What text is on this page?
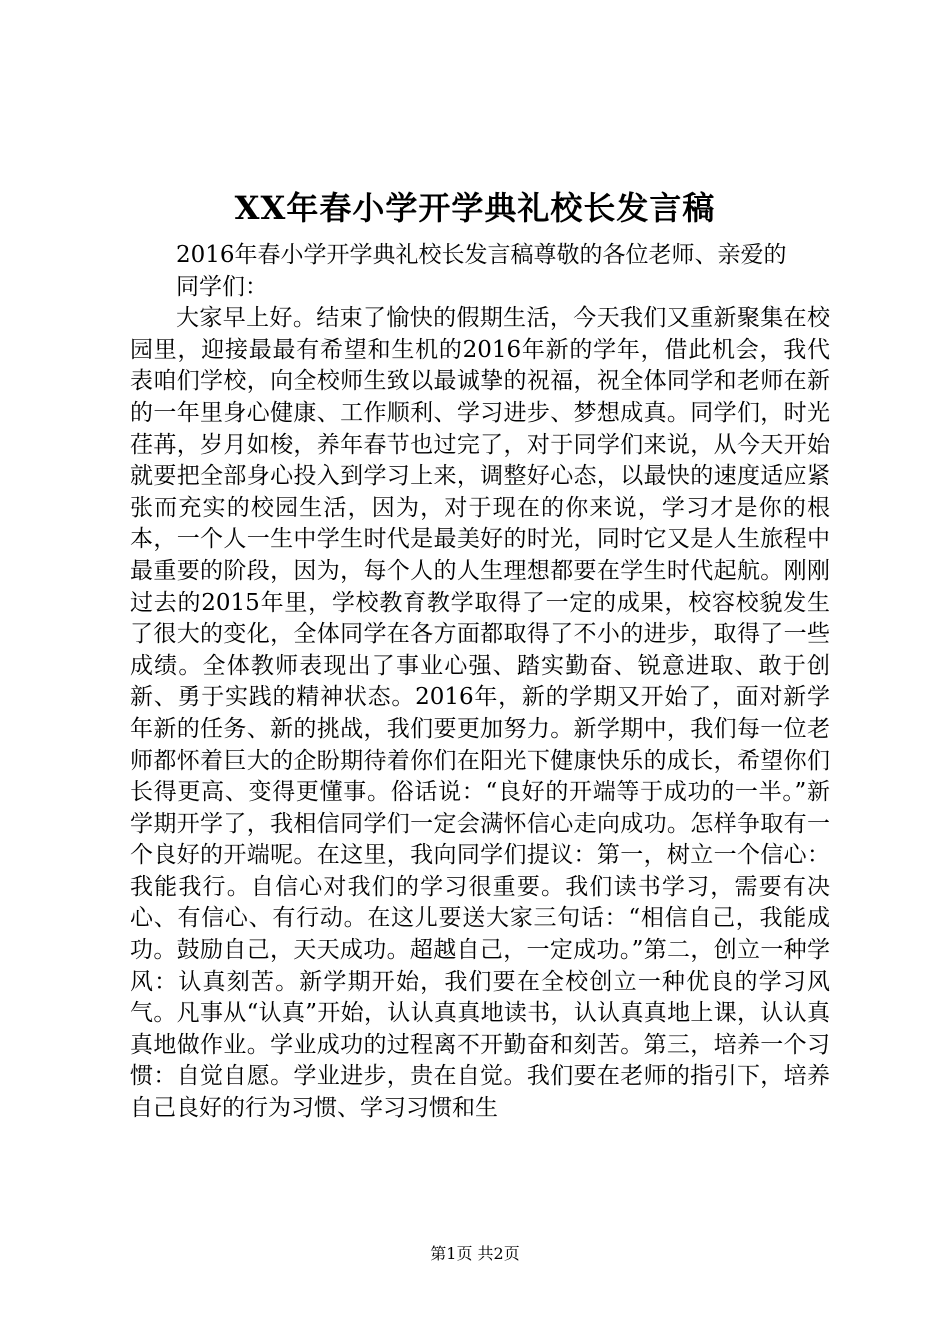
XX年春小学开学典礼校长发言稿

2016年春小学开学典礼校长发言稿尊敬的各位老师、亲爱的

同学们：

大家早上好。结束了愉快的假期生活，今天我们又重新聚集在校园里，迎接最最有希望和生机的2016年新的学年，借此机会，我代表咱们学校，向全校师生致以最诚挚的祝福，祝全体同学和老师在新的一年里身心健康、工作顺利、学习进步、梦想成真。同学们，时光荏苒，岁月如梭，养年春节也过完了，对于同学们来说，从今天开始就要把全部身心投入到学习上来，调整好心态，以最快的速度适应紧张而充实的校园生活，因为，对于现在的你来说，学习才是你的根本，一个人一生中学生时代是最美好的时光，同时它又是人生旅程中最重要的阶段，因为，每个人的人生理想都要在学生时代起航。刚刚过去的2015年里，学校教育教学取得了一定的成果，校容校貌发生了很大的变化，全体同学在各方面都取得了不小的进步，取得了一些成绩。全体教师表现出了事业心强、踏实勤奋、锐意进取、敢于创新、勇于实践的精神状态。2016年，新的学期又开始了，面对新学年新的任务、新的挑战，我们要更加努力。新学期中，我们每一位老师都怀着巨大的企盼期待着你们在阳光下健康快乐的成长，希望你们长得更高、变得更懂事。俗话说：“良好的开端等于成功的一半。”新学期开学了，我相信同学们一定会满怀信心走向成功。怎样争取有一个良好的开端呢。在这里，我向同学们提议：第一，树立一个信心：我能我行。自信心对我们的学习很重要。我们读书学习，需要有决心、有信心、有行动。在这儿要送大家三句话：“相信自己，我能成功。鼓励自己，天天成功。超越自己，一定成功。”第二，创立一种学风：认真刻苦。新学期开始，我们要在全校创立一种优良的学习风气。凡事从“认真”开始，认认真真地读书，认认真真地上课，认认真真地做作业。学业成功的过程离不开勤奋和刻苦。第三，培养一个习惯：自觉自愿。学业进步，贵在自觉。我们要在老师的指引下，培养自己良好的行为习惯、学习习惯和生

第1页 共2页
